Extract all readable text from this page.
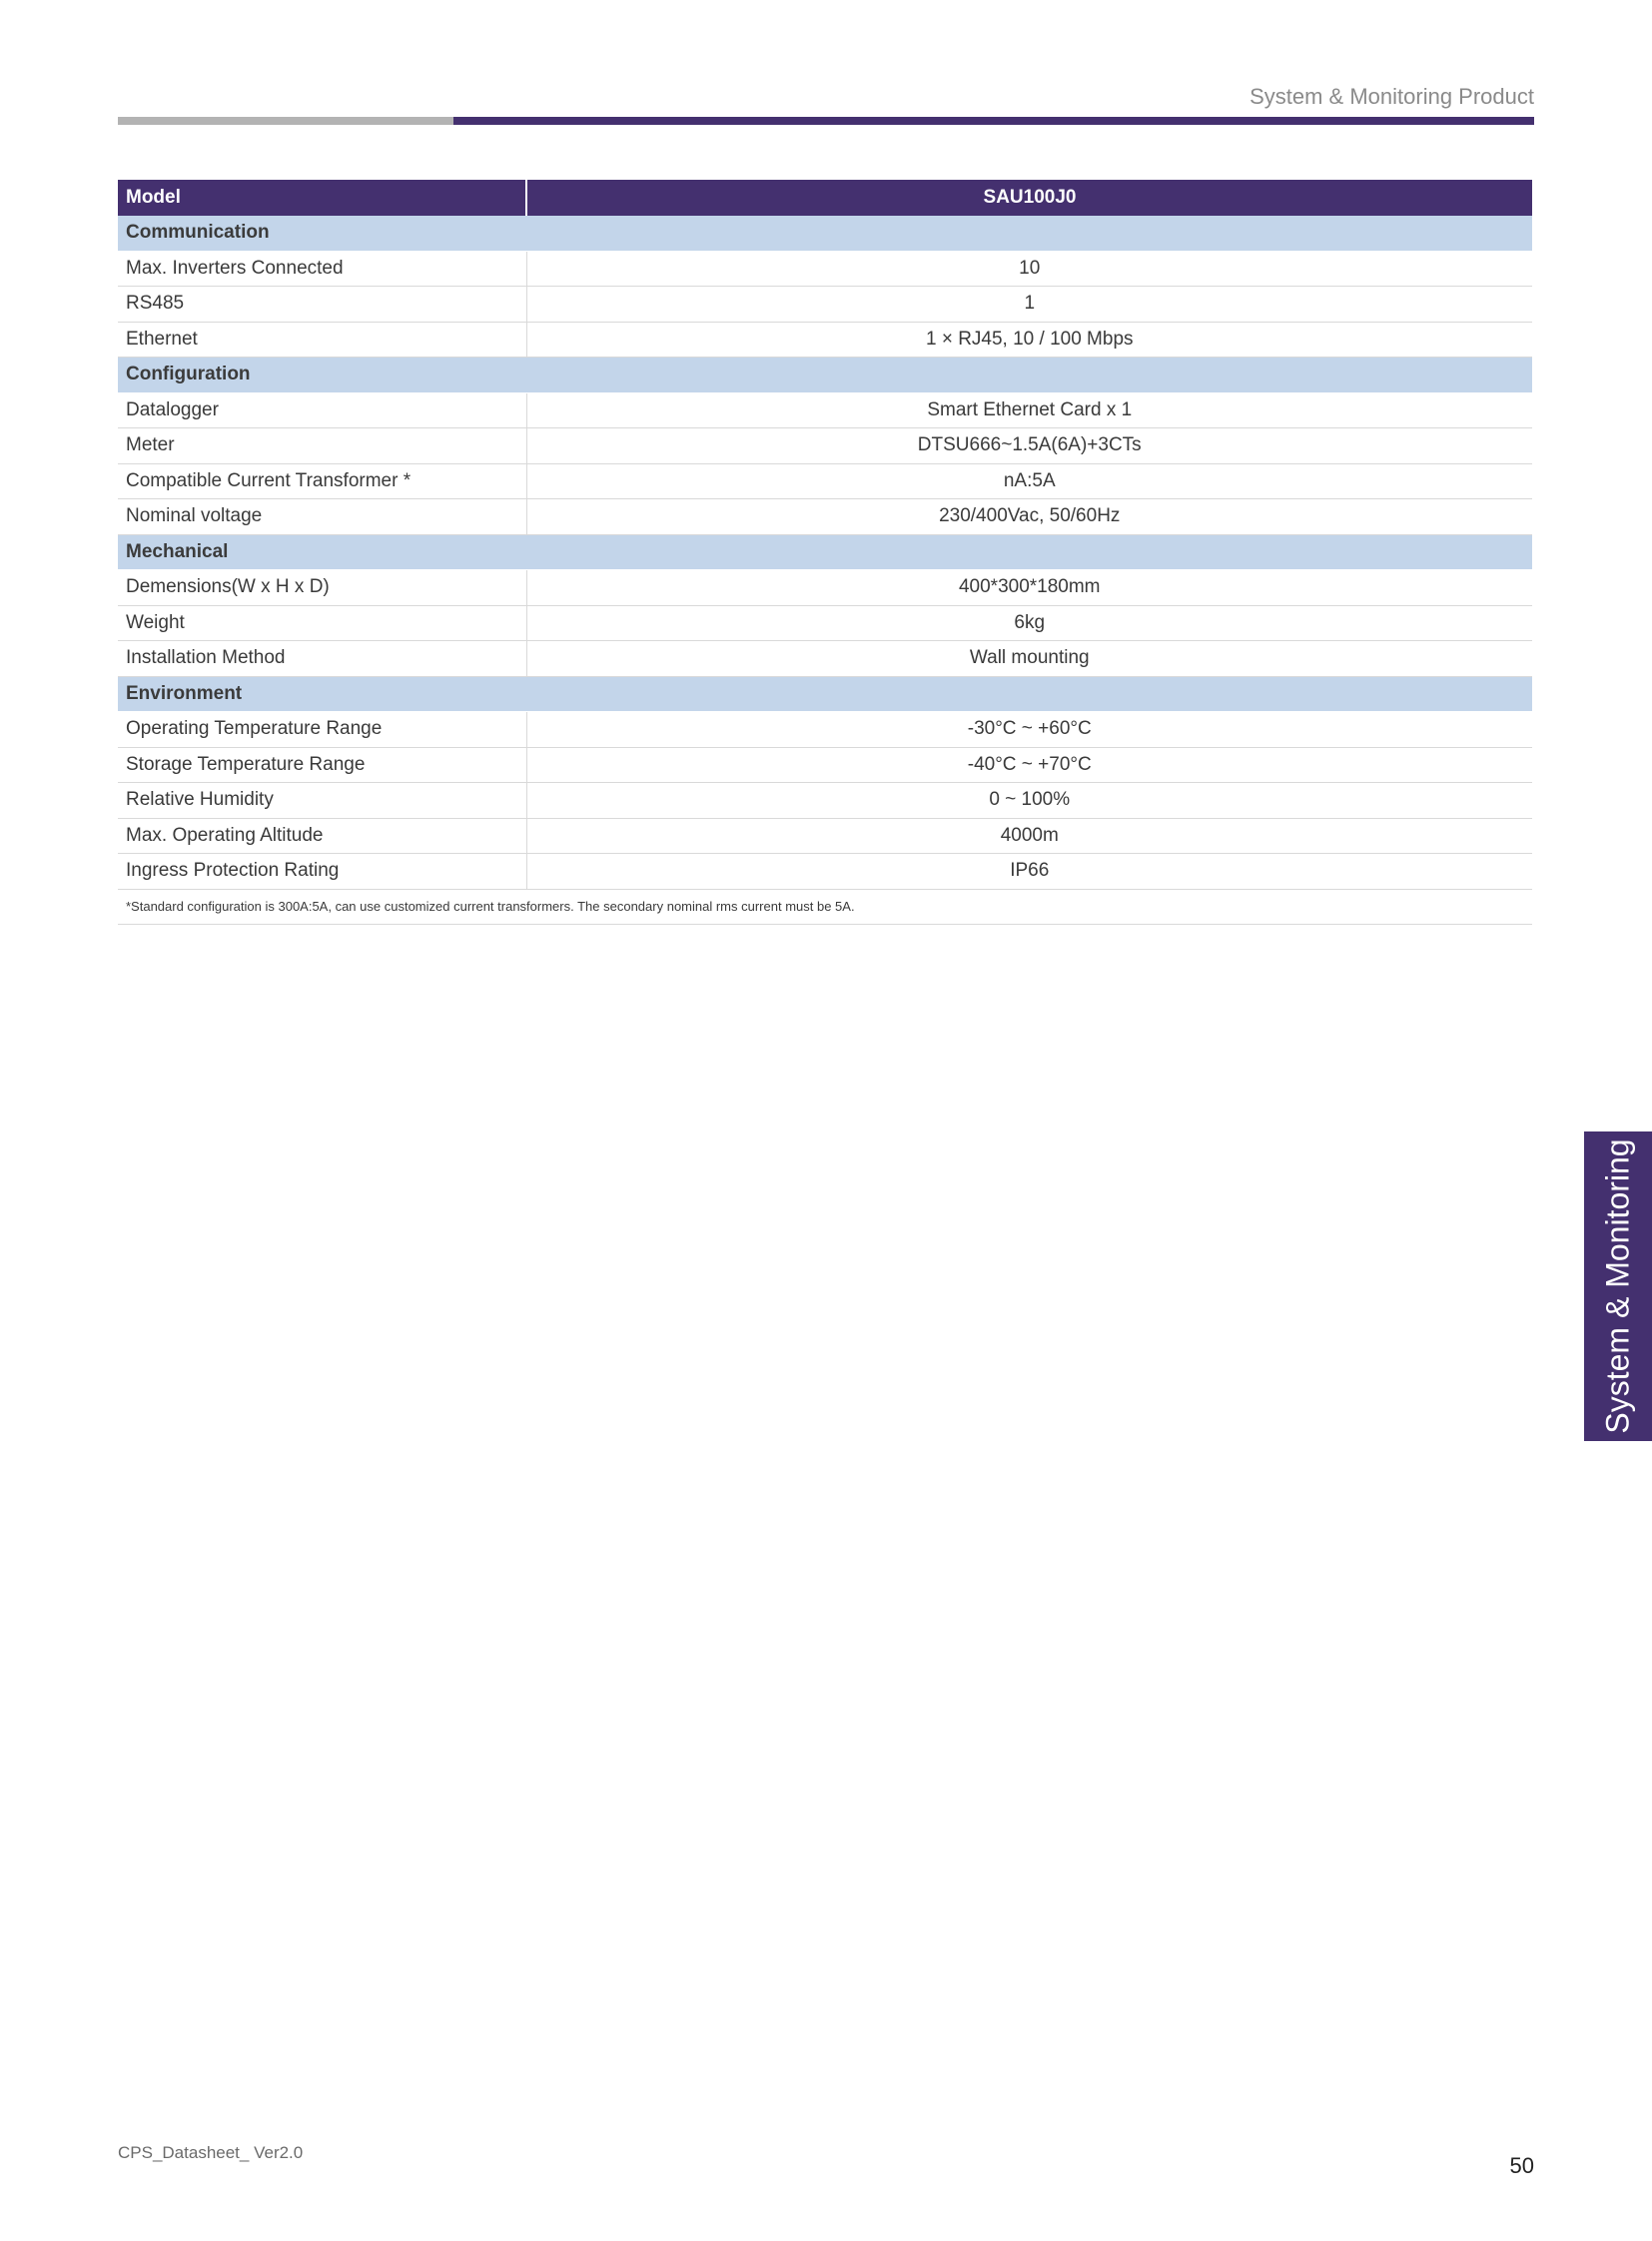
System & Monitoring Product
Model	SAU100J0
Communication	
Max. Inverters Connected	10
RS485	1
Ethernet	1 × RJ45, 10 / 100 Mbps
Configuration	
Datalogger	Smart Ethernet Card x 1
Meter	DTSU666~1.5A(6A)+3CTs
Compatible Current Transformer *	nA:5A
Nominal voltage	230/400Vac, 50/60Hz
Mechanical	
Demensions(W x H x D)	400*300*180mm
Weight	6kg
Installation Method	Wall mounting
Environment	
Operating Temperature Range	-30°C ~ +60°C
Storage Temperature Range	-40°C ~ +70°C
Relative Humidity	0 ~ 100%
Max. Operating Altitude	4000m
Ingress Protection Rating	IP66
*Standard configuration is 300A:5A, can use customized current transformers. The secondary nominal rms current must be 5A.	
System & Monitoring
CPS_Datasheet_ Ver2.0
50
